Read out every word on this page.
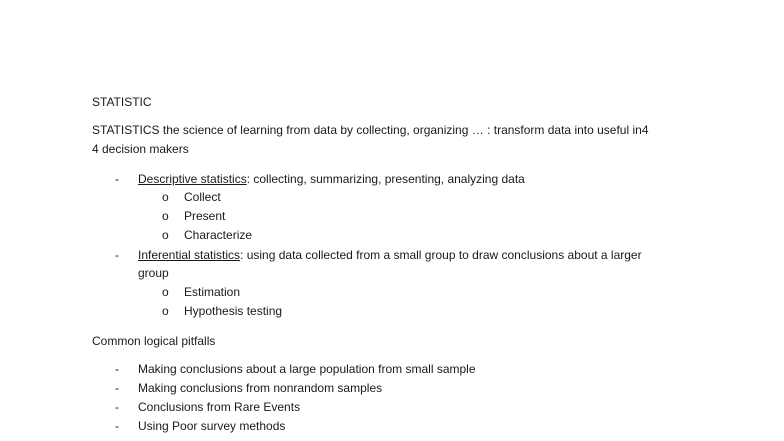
STATISTIC
STATISTICS the science of learning from data by collecting, organizing … : transform data into useful in4
4 decision makers
- Descriptive statistics: collecting, summarizing, presenting, analyzing data
o Collect
o Present
o Characterize
- Inferential statistics: using data collected from a small group to draw conclusions about a larger
group
o Estimation
o Hypothesis testing
Common logical pitfalls
- Making conclusions about a large population from small sample
- Making conclusions from nonrandom samples
- Conclusions from Rare Events
- Using Poor survey methods
